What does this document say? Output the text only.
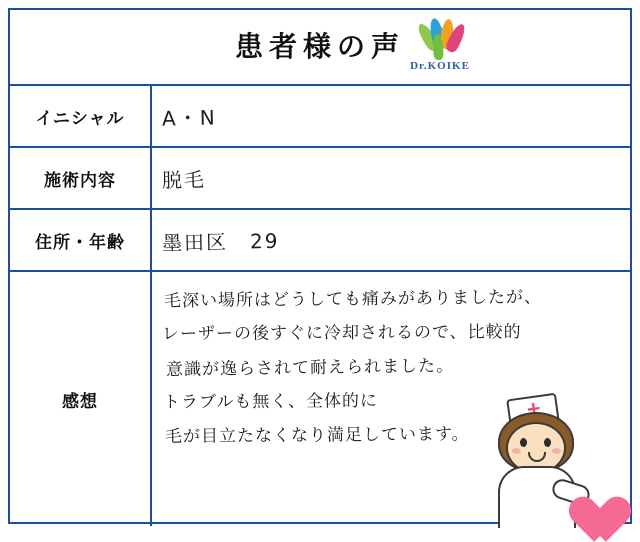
患者様の声
Dr.KOIKE
イニシャル	A・N
施術内容	脱毛
住所・年齢	墨田区　29
感想
毛深い場所はどうしても痛みがありましたが、
レーザーの後すぐに冷却されるので、比較的
意識が逸らされて耐えられました。
トラブルも無く、全体的に
毛が目立たなくなり満足しています。
